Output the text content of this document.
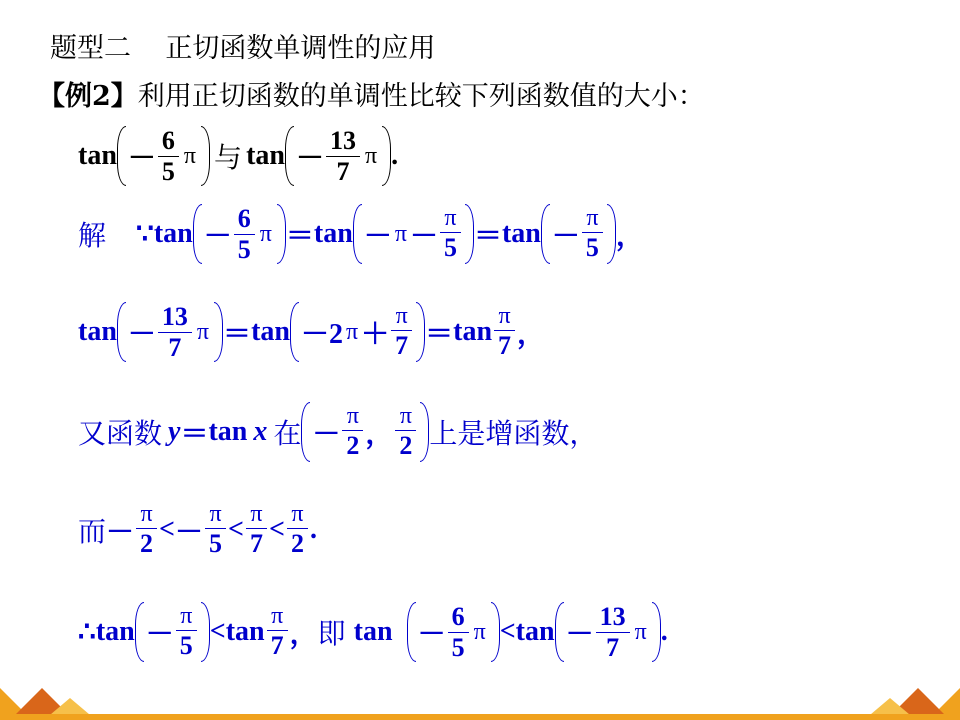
题型二    正切函数单调性的应用
【例2】 利用正切函数的单调性比较下列函数值的大小：
$\tan - \frac{6}{5}$ π 与 $\tan - \frac{13}{7}$ π .
解 ∵ $\tan - \frac{6}{5}$ $\pi = \tan - \pi - \frac{\pi}{5} = \tan - \frac{\pi}{5}$ ，
$\tan - \frac{13}{7}$ π ＝ tan －2 $\pi + \frac{\pi}{7} = \tan \frac{\pi}{7}$ ，
又函数 y ＝ tan x 在 － $\frac{\pi}{2}$ ， $\frac{\pi}{2}$ 上是增函数，
而 － $\frac{\pi}{2}$ < － $\frac{\pi}{5} < \frac{\pi}{7} < \frac{\pi}{2}$ .
∴ $\tan - \frac{\pi}{5} < \tan \frac{\pi}{7}$ ， 即 $\tan - \frac{6}{5}$ $\pi < \tan - \frac{13}{7}$ π .
